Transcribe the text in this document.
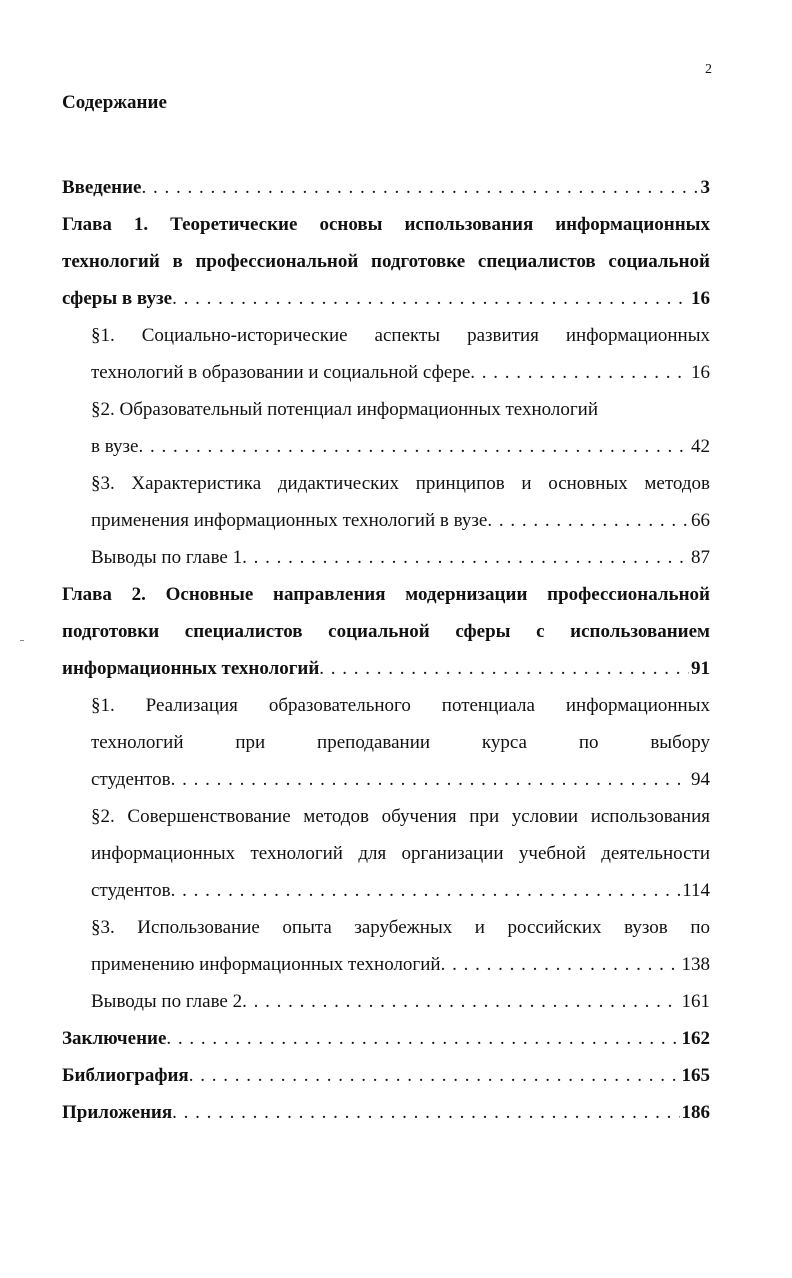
2
Содержание
Введение . . .	3
Глава 1. Теоретические основы использования информационных
технологий в профессиональной подготовке специалистов социальной
сферы в вузе . . .	16
§1. Социально-исторические аспекты развития информационных
технологий в образовании и социальной сфере . . .	16
§2. Образовательный потенциал информационных технологий
в вузе . . .	42
§3. Характеристика дидактических принципов и основных методов
применения информационных технологий в вузе . . .	66
Выводы по главе 1 . . .	87
Глава 2. Основные направления модернизации профессиональной
подготовки специалистов социальной сферы с использованием
информационных технологий . . .	91
§1. Реализация образовательного потенциала информационных
технологий при преподавании курса по выбору
студентов . . .	94
§2. Совершенствование методов обучения при условии использования
информационных технологий для организации учебной деятельности
студентов . . .	114
§3. Использование опыта зарубежных и российских вузов по
применению информационных технологий . . .	138
Выводы по главе 2 . . .	161
Заключение . . .	162
Библиография . . .	165
Приложения . . .	186
